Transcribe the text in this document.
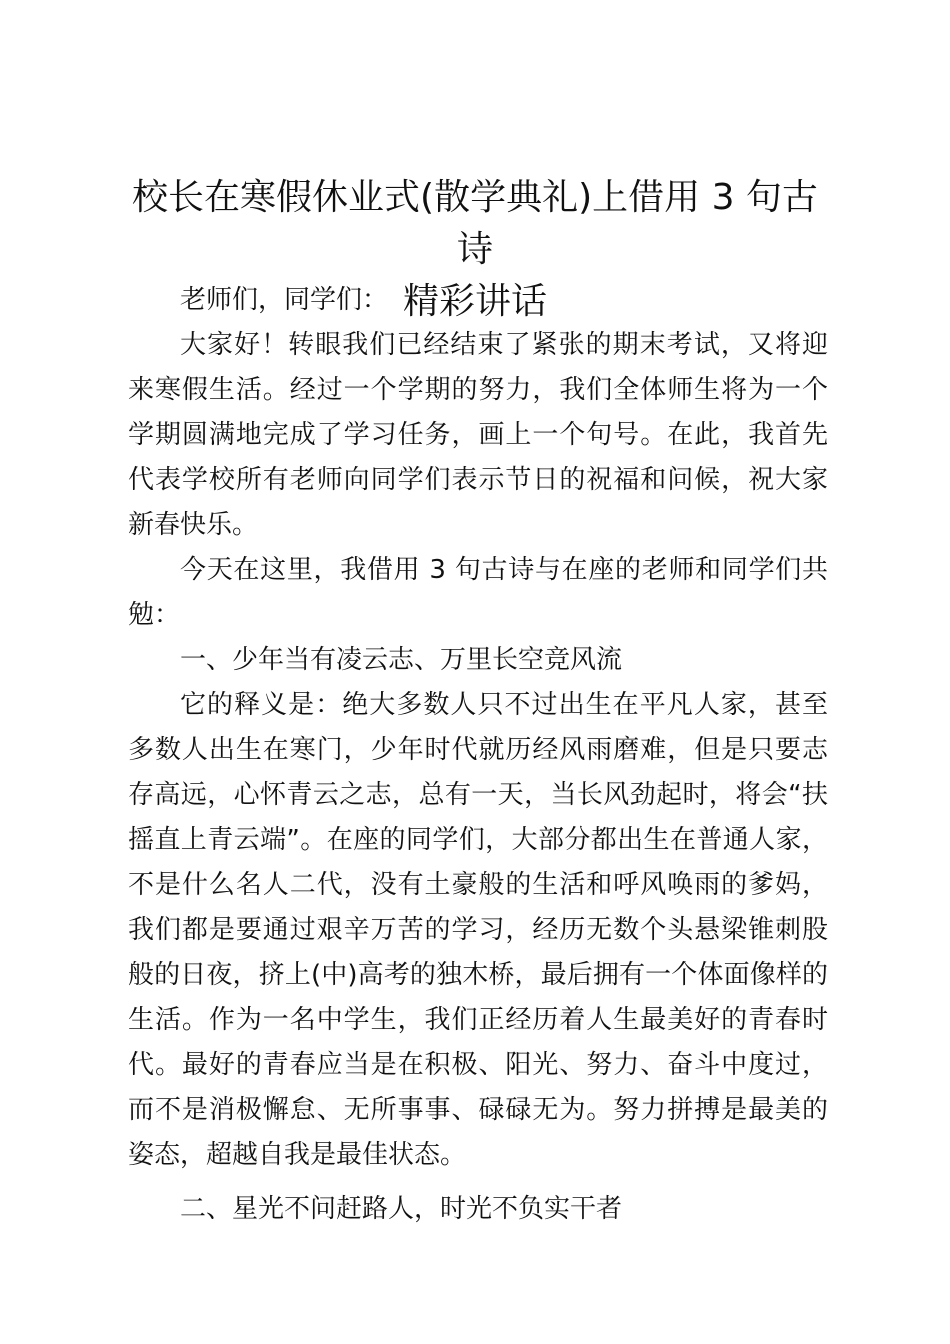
校长在寒假休业式(散学典礼)上借用 3 句古诗
精彩讲话

老师们，同学们：

大家好！转眼我们已经结束了紧张的期末考试，又将迎来寒假生活。经过一个学期的努力，我们全体师生将为一个学期圆满地完成了学习任务，画上一个句号。在此，我首先代表学校所有老师向同学们表示节日的祝福和问候，祝大家新春快乐。

今天在这里，我借用 3 句古诗与在座的老师和同学们共勉：

一、少年当有凌云志、万里长空竞风流

它的释义是：绝大多数人只不过出生在平凡人家，甚至多数人出生在寒门，少年时代就历经风雨磨难，但是只要志存高远，心怀青云之志，总有一天，当长风劲起时，将会“扶摇直上青云端”。在座的同学们，大部分都出生在普通人家，不是什么名人二代，没有土豪般的生活和呼风唤雨的爹妈，我们都是要通过艰辛万苦的学习，经历无数个头悬梁锥刺股般的日夜，挤上(中)高考的独木桥，最后拥有一个体面像样的生活。作为一名中学生，我们正经历着人生最美好的青春时代。最好的青春应当是在积极、阳光、努力、奋斗中度过，而不是消极懈怠、无所事事、碌碌无为。努力拼搏是最美的姿态，超越自我是最佳状态。

二、星光不问赶路人，时光不负实干者
